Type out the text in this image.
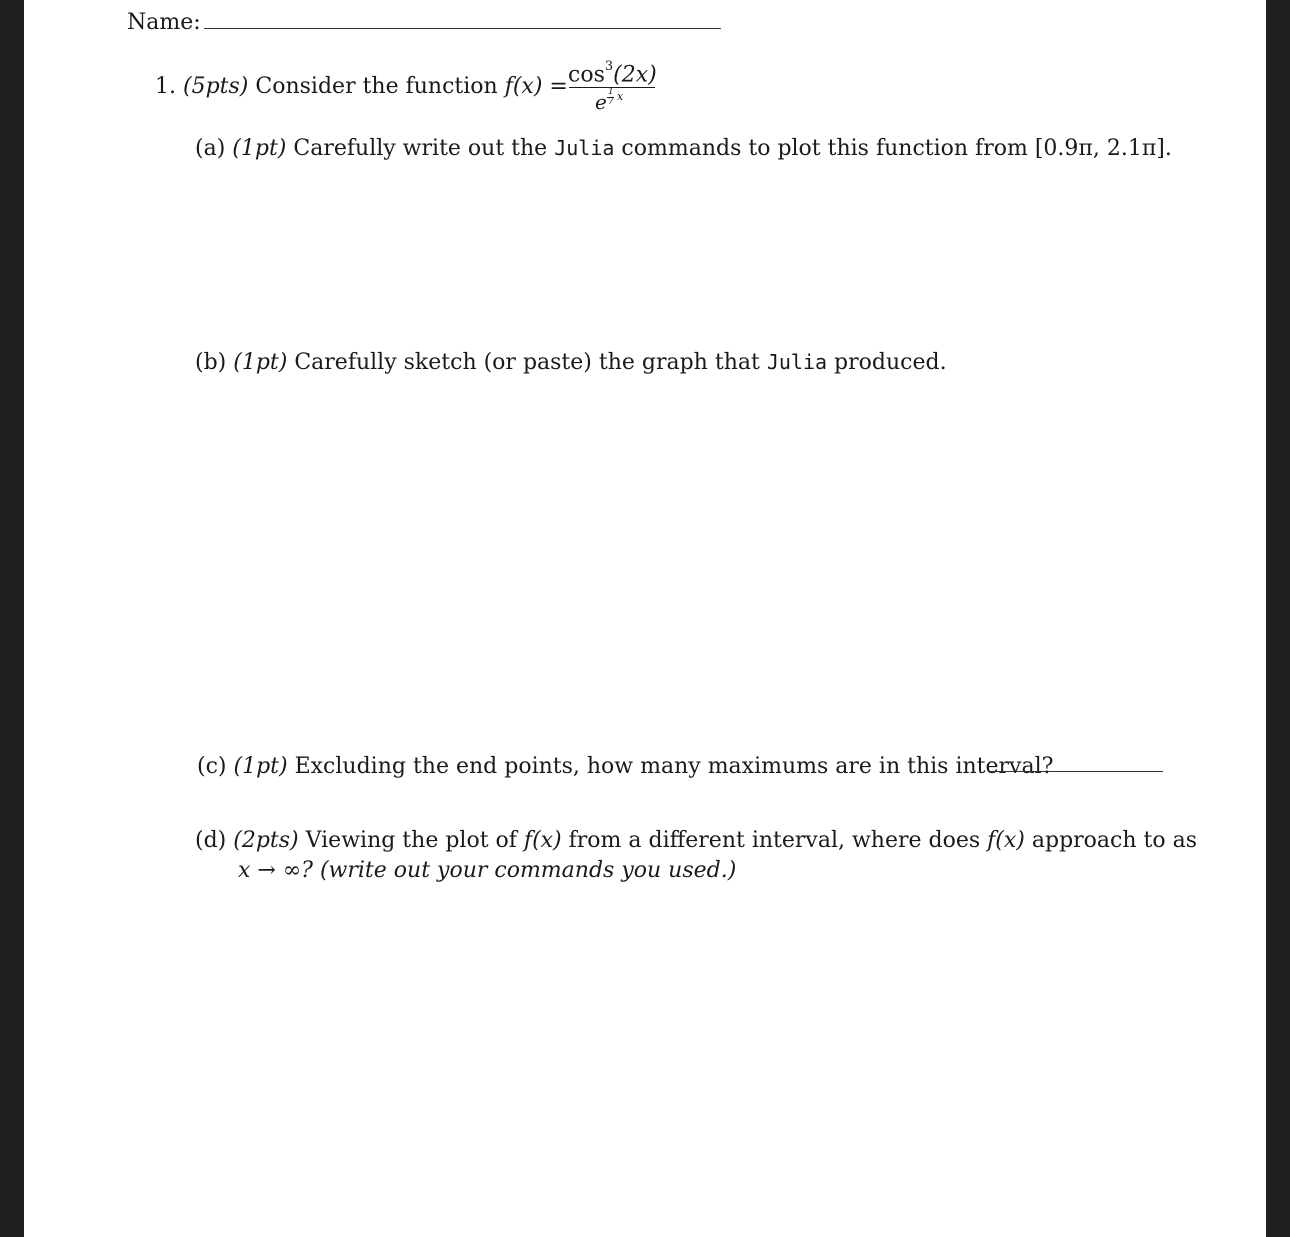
Name:
1. (5pts) Consider the function $f(x) = \cos^3(2x)$
e 1
7 x
(a) (1pt) Carefully write out the Julia commands to plot this function from [0.9π, 2.1π].
(b) (1pt) Carefully sketch (or paste) the graph that Julia produced.
(c) (1pt) Excluding the end points, how many maximums are in this interval?
(d) (2pts) Viewing the plot of f(x) from a different interval, where does f(x) approach to as
x → ∞? (write out your commands you used.)
